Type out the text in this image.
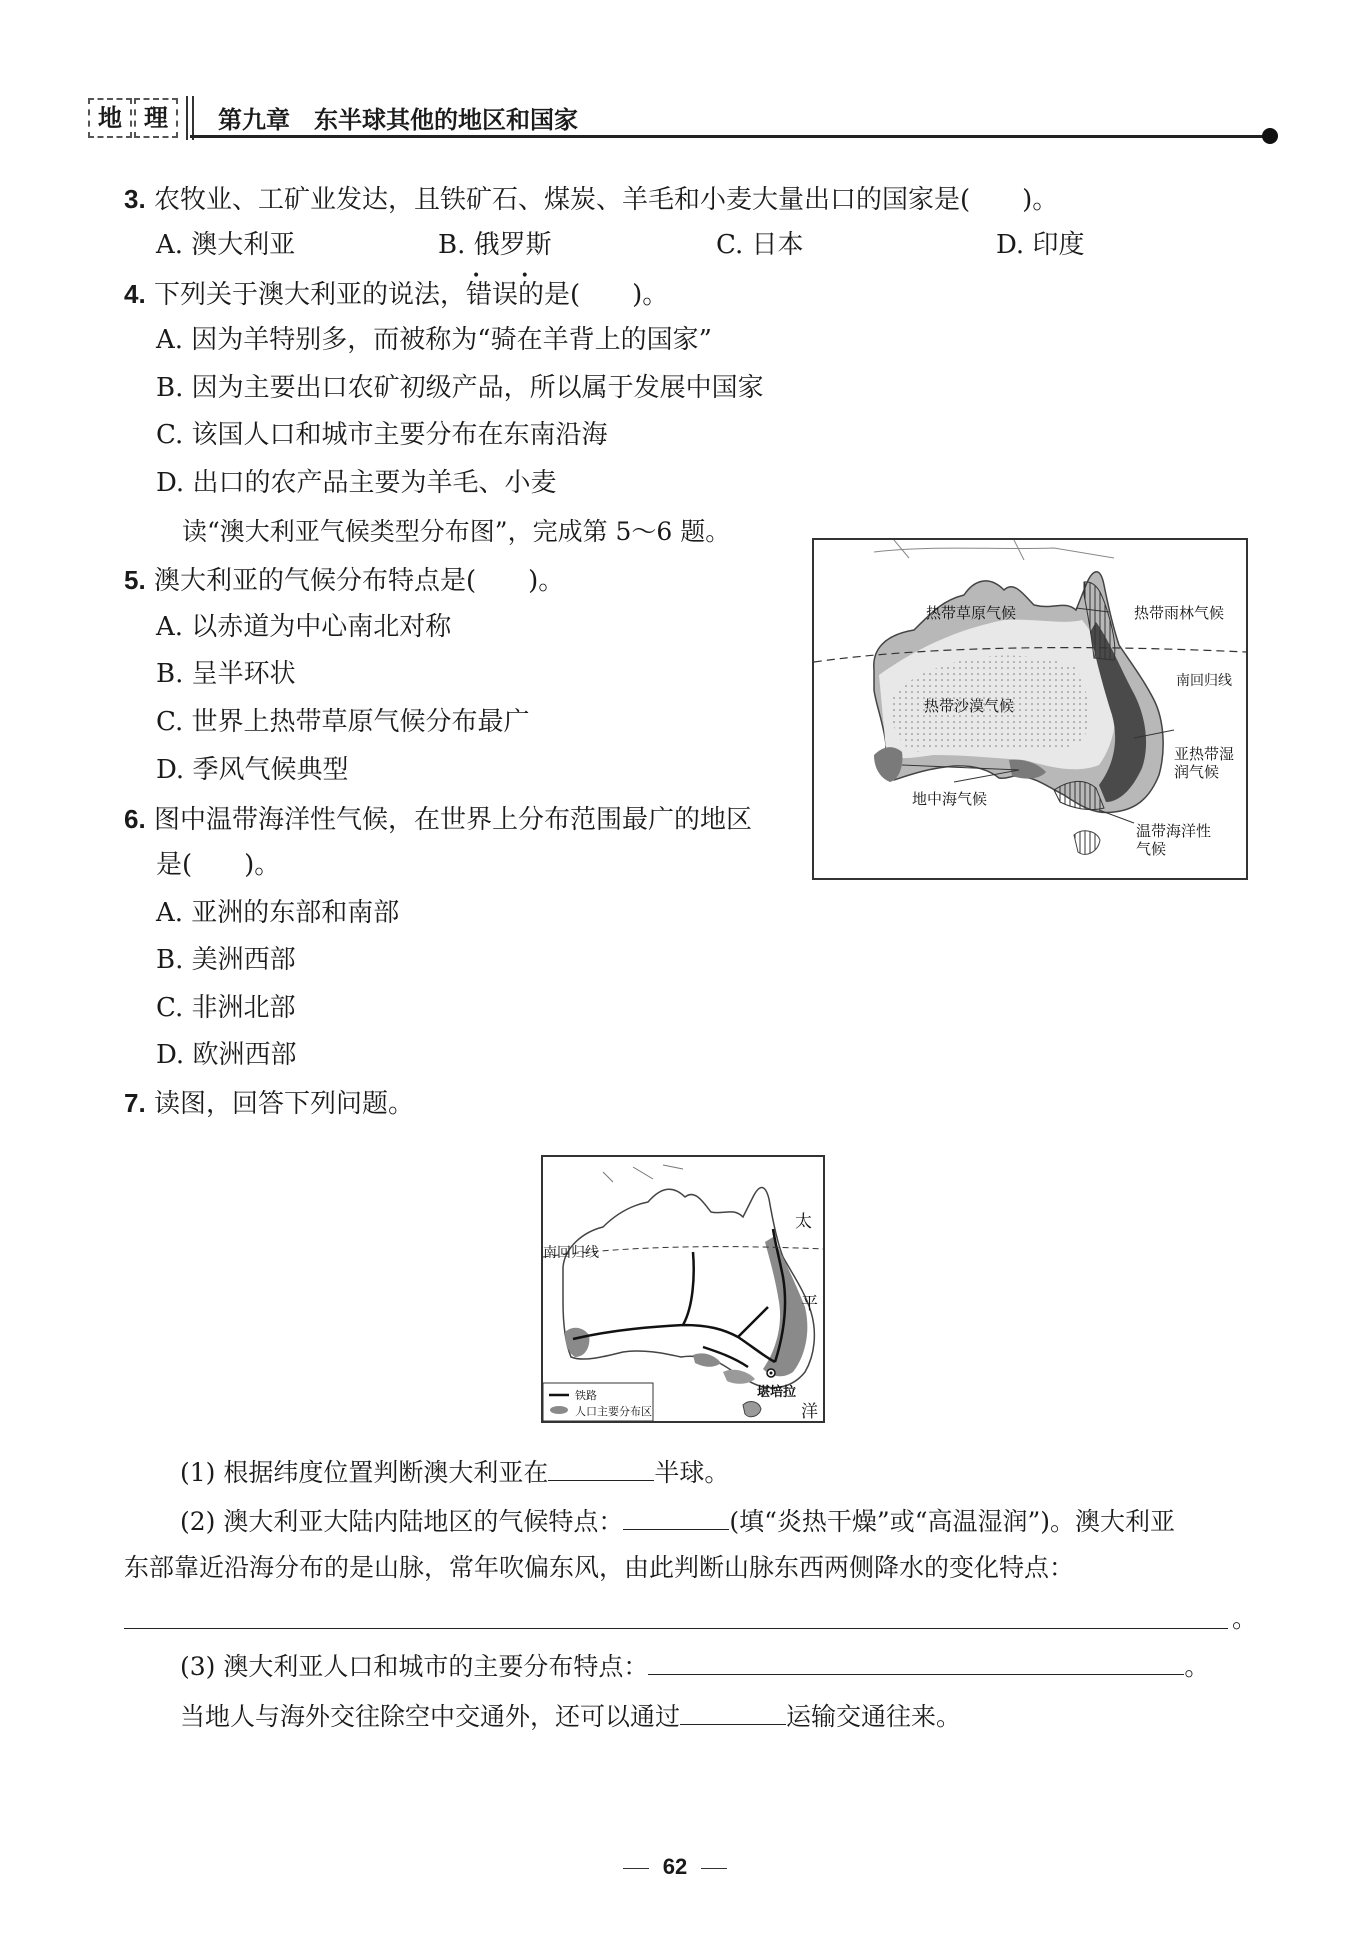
地 理	第九章　东半球其他的地区和国家
3. 农牧业、工矿业发达，且铁矿石、煤炭、羊毛和小麦大量出口的国家是(　　)。
A. 澳大利亚	B. 俄罗斯	C. 日本	D. 印度
4. 下列关于澳大利亚的说法，错误
• •
的是(　　)。
A. 因为羊特别多，而被称为“骑在羊背上的国家”
B. 因为主要出口农矿初级产品，所以属于发展中国家
C. 该国人口和城市主要分布在东南沿海
D. 出口的农产品主要为羊毛、小麦
读“澳大利亚气候类型分布图”，完成第 5～6 题。
5. 澳大利亚的气候分布特点是(　　)。
A. 以赤道为中心南北对称
B. 呈半环状
C. 世界上热带草原气候分布最广
D. 季风气候典型
6. 图中温带海洋性气候，在世界上分布范围最广的地区
是(　　)。
A. 亚洲的东部和南部
B. 美洲西部
C. 非洲北部
D. 欧洲西部
热带草原气候	热带雨林气候
南回归线
热带沙漠气候
亚热带湿润气候
地中海气候
温带海洋性气候
7. 读图，回答下列问题。
南回归线
太
平
洋
堪培拉
铁路
人口主要分布区
(1) 根据纬度位置判断澳大利亚在	半球。
(2) 澳大利亚大陆内陆地区的气候特点：	(填“炎热干燥”或“高温湿润”)。澳大利亚
东部靠近沿海分布的是山脉，常年吹偏东风，由此判断山脉东西两侧降水的变化特点：
。
(3) 澳大利亚人口和城市的主要分布特点：	。
当地人与海外交往除空中交通外，还可以通过	运输交通往来。
62
